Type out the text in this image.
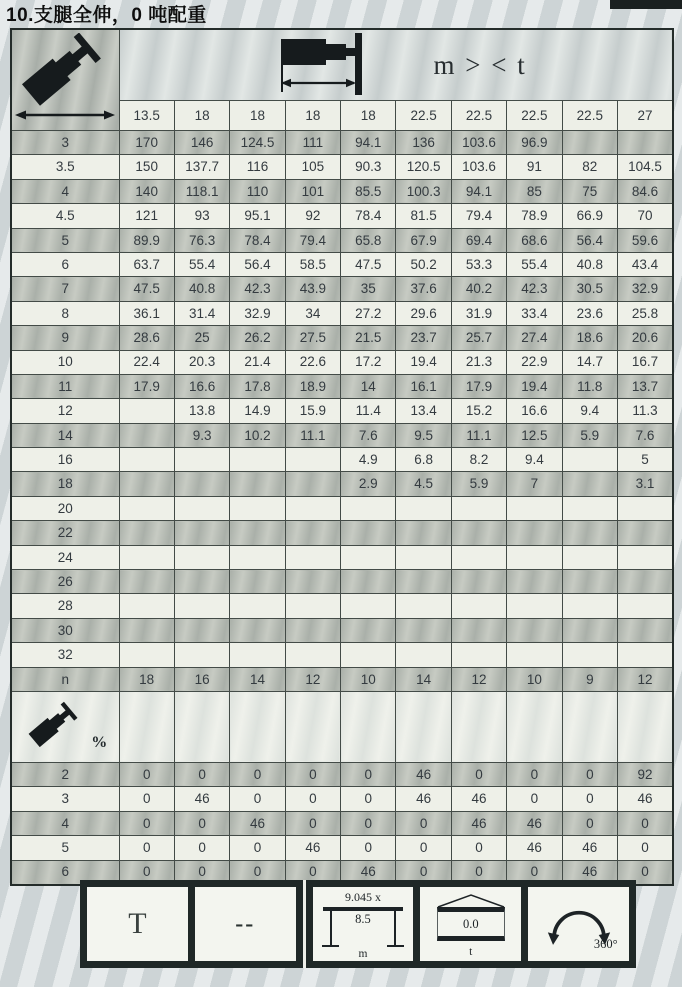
10.支腿全伸，0 吨配重

m > < t									

	13.5	18	18	18	18	22.5	22.5	22.5	22.5	27
3	170	146	124.5	111	94.1	136	103.6	96.9		
3.5	150	137.7	116	105	90.3	120.5	103.6	91	82	104.5
4	140	118.1	110	101	85.5	100.3	94.1	85	75	84.6
4.5	121	93	95.1	92	78.4	81.5	79.4	78.9	66.9	70
5	89.9	76.3	78.4	79.4	65.8	67.9	69.4	68.6	56.4	59.6
6	63.7	55.4	56.4	58.5	47.5	50.2	53.3	55.4	40.8	43.4
7	47.5	40.8	42.3	43.9	35	37.6	40.2	42.3	30.5	32.9
8	36.1	31.4	32.9	34	27.2	29.6	31.9	33.4	23.6	25.8
9	28.6	25	26.2	27.5	21.5	23.7	25.7	27.4	18.6	20.6
10	22.4	20.3	21.4	22.6	17.2	19.4	21.3	22.9	14.7	16.7
11	17.9	16.6	17.8	18.9	14	16.1	17.9	19.4	11.8	13.7
12		13.8	14.9	15.9	11.4	13.4	15.2	16.6	9.4	11.3
14		9.3	10.2	11.1	7.6	9.5	11.1	12.5	5.9	7.6
16					4.9	6.8	8.2	9.4		5
18					2.9	4.5	5.9	7		3.1
20										
22										
24										
26										
28										
30										
32										
n	18	16	14	12	10	14	12	10	9	12

%										

2	0	0	0	0	0	46	0	0	0	92
3	0	46	0	0	0	46	46	0	0	46
4	0	0	46	0	0	0	46	46	0	0
5	0	0	0	46	0	0	0	46	46	0
6	0	0	0	0	46	0	0	0	46	0
T	--
9.045 x
8.5
m
0.0
t
360°
